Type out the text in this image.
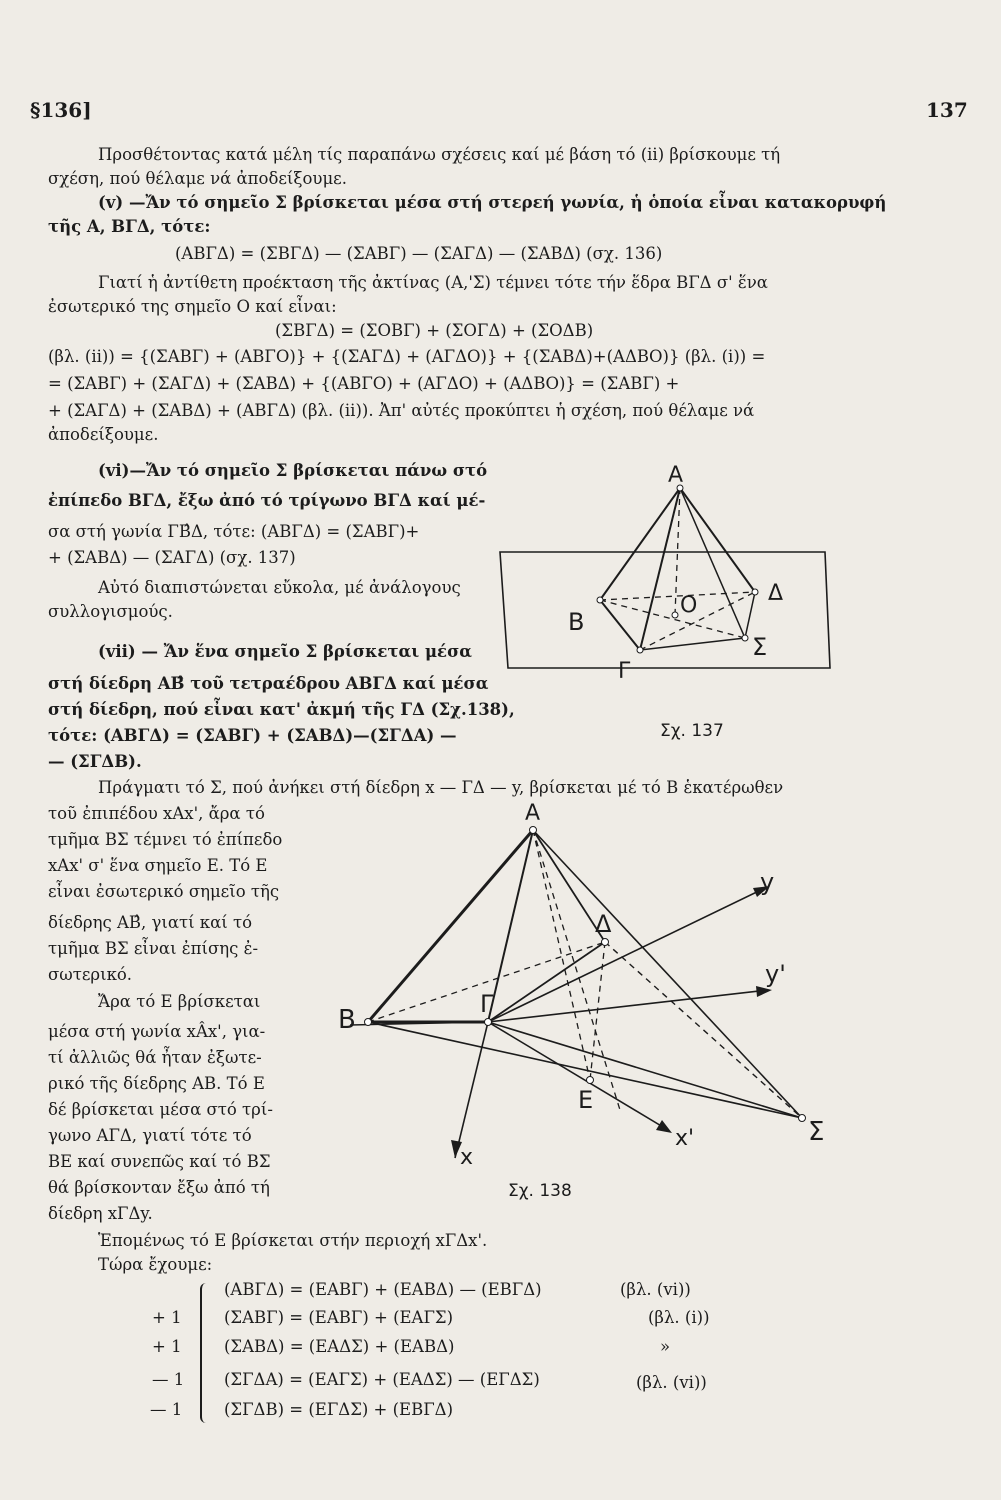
§136]	137
Προσθέτοντας κατά μέλη τίς παραπάνω σχέσεις καί μέ βάση τό (ii) βρίσκουμε τή
σχέση, πού θέλαμε νά ἀποδείξουμε.
(v) —Ἄν τό σημεῖο Σ βρίσκεται μέσα στή στερεή γωνία, ἡ ὁποία εἶναι κατακορυφή
τῆς Α, ΒΓΔ, τότε:
(ΑΒΓΔ) = (ΣΒΓΔ) — (ΣΑΒΓ) — (ΣΑΓΔ) — (ΣΑΒΔ) (σχ. 136)
Γιατί ἡ ἀντίθετη προέκταση τῆς ἀκτίνας (Α,'Σ) τέμνει τότε τήν ἕδρα ΒΓΔ σ' ἕνα
ἐσωτερικό της σημεῖο Ο καί εἶναι:
(ΣΒΓΔ) = (ΣΟΒΓ) + (ΣΟΓΔ) + (ΣΟΔΒ)
(βλ. (ii)) = {(ΣΑΒΓ) + (ΑΒΓΟ)} + {(ΣΑΓΔ) + (ΑΓΔΟ)} + {(ΣΑΒΔ)+(ΑΔΒΟ)} (βλ. (i)) =
= (ΣΑΒΓ) + (ΣΑΓΔ) + (ΣΑΒΔ) + {(ΑΒΓΟ) + (ΑΓΔΟ) + (ΑΔΒΟ)} = (ΣΑΒΓ) +
+ (ΣΑΓΔ) + (ΣΑΒΔ) + (ΑΒΓΔ) (βλ. (ii)). Ἀπ' αὐτές προκύπτει ἡ σχέση, πού θέλαμε νά
ἀποδείξουμε.
(vi)—Ἄν τό σημεῖο Σ βρίσκεται πάνω στό
ἐπίπεδο ΒΓΔ, ἔξω ἀπό τό τρίγωνο ΒΓΔ καί μέ-
σα στή γωνία ΓΒ̂Δ, τότε: (ΑΒΓΔ) = (ΣΑΒΓ)+
+ (ΣΑΒΔ) — (ΣΑΓΔ) (σχ. 137)
Αὐτό διαπιστώνεται εὔκολα, μέ ἀνάλογους
συλλογισμούς.
(vii) — Ἄν ἕνα σημεῖο Σ βρίσκεται μέσα
στή δίεδρη ΑΒ̂ τοῦ τετραέδρου ΑΒΓΔ καί μέσα
στή δίεδρη, πού εἶναι κατ' ἀκμή τῆς ΓΔ (Σχ.138),
τότε: (ΑΒΓΔ) = (ΣΑΒΓ) + (ΣΑΒΔ)—(ΣΓΔΑ) —
— (ΣΓΔΒ).
Α
Β
Γ
Δ
Ο
Σ
Σχ. 137
Πράγματι τό Σ, πού ἀνήκει στή δίεδρη x — ΓΔ — y, βρίσκεται μέ τό Β ἑκατέρωθεν
τοῦ ἐπιπέδου xAx', ἄρα τό
τμῆμα ΒΣ τέμνει τό ἐπίπεδο
xAx' σ' ἕνα σημεῖο Ε. Τό Ε
εἶναι ἐσωτερικό σημεῖο τῆς
δίεδρης ΑΒ̂, γιατί καί τό
τμῆμα ΒΣ εἶναι ἐπίσης ἐ-
σωτερικό.
Ἄρα τό Ε βρίσκεται
μέσα στή γωνία xÂx', για-
τί ἀλλιῶς θά ἦταν ἐξωτε-
ρικό τῆς δίεδρης ΑΒ. Τό Ε
δέ βρίσκεται μέσα στό τρί-
γωνο ΑΓΔ, γιατί τότε τό
ΒΕ καί συνεπῶς καί τό ΒΣ
θά βρίσκονταν ἔξω ἀπό τή
δίεδρη xΓΔy.
Α
Β
Γ
Δ
Ε
Σ
x
x'
y
y'
Σχ. 138
Ἑπομένως τό Ε βρίσκεται στήν περιοχή xΓΔx'.
Τώρα ἔχουμε:
(ΑΒΓΔ) = (ΕΑΒΓ) + (ΕΑΒΔ) — (ΕΒΓΔ)	(βλ. (vi))
+ 1	(ΣΑΒΓ) = (ΕΑΒΓ) + (ΕΑΓΣ)	(βλ. (i))
+ 1	(ΣΑΒΔ) = (ΕΑΔΣ) + (ΕΑΒΔ)	»
— 1 (ΣΓΔΑ) = (ΕΑΓΣ) + (ΕΑΔΣ) — (ΕΓΔΣ)	(βλ. (vi))
— 1	(ΣΓΔΒ) = (ΕΓΔΣ) + (ΕΒΓΔ)
